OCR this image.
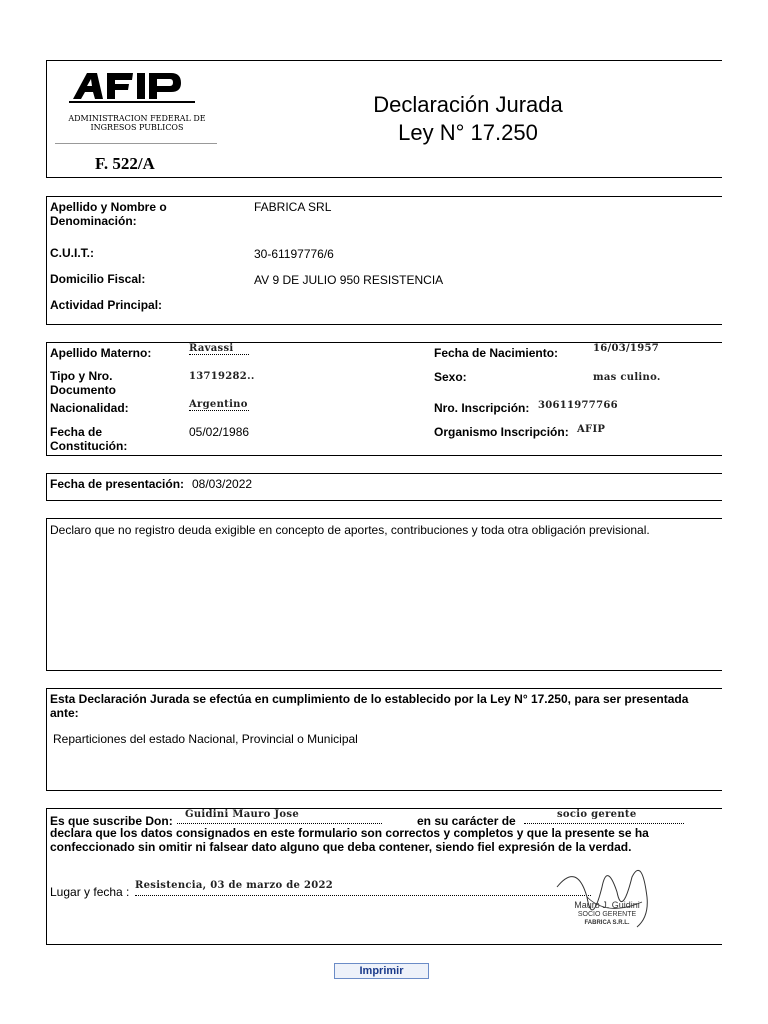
ADMINISTRACION FEDERAL DE
INGRESOS PUBLICOS
F. 522/A
Declaración Jurada
Ley N° 17.250
Apellido y Nombre o Denominación:
FABRICA SRL
C.U.I.T.:	30-61197776/6
Domicilio Fiscal:	AV 9 DE JULIO 950 RESISTENCIA
Actividad Principal:
Apellido Materno:	Ravassi	Fecha de Nacimiento:	16/03/1957
Tipo y Nro. Documento
13719282..	Sexo:	mas culino.
Nacionalidad:	Argentino	Nro. Inscripción: 30611977766
Fecha de Constitución:
05/02/1986	Organismo Inscripción: AFIP
Fecha de presentación: 08/03/2022
Declaro que no registro deuda exigible en concepto de aportes, contribuciones y toda otra obligación previsional.
Esta Declaración Jurada se efectúa en cumplimiento de lo establecido por la Ley N° 17.250, para ser presentada ante:
Reparticiones del estado Nacional, Provincial o Municipal
Es que suscribe Don: Guidini Mauro Jose	en su carácter de	socio gerente
declara que los datos consignados en este formulario son correctos y completos y que la presente se ha confeccionado sin omitir ni falsear dato alguno que deba contener, siendo fiel expresión de la verdad.
Lugar y fecha : Resistencia, 03 de marzo de 2022
Mauro J. Guidini
SOCIO GERENTE
FABRICA S.R.L.
Imprimir
